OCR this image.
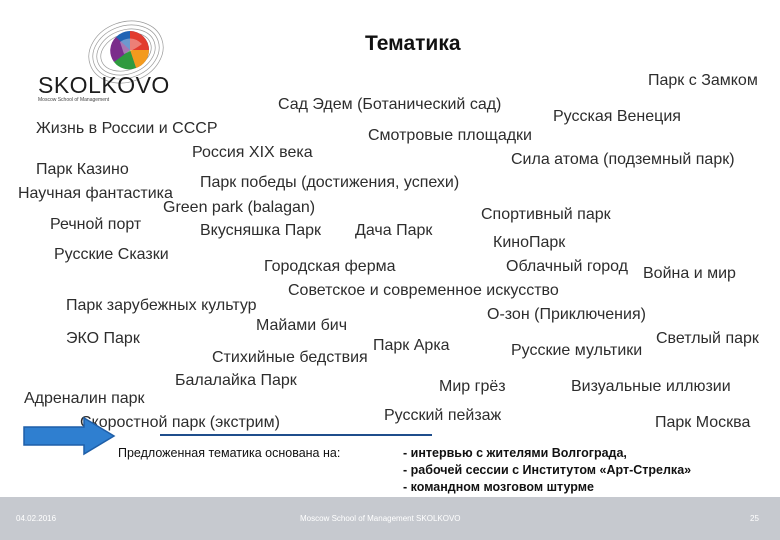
SKOLKOVO
Moscow School of Management
Тематика
Парк с Замком
Сад Эдем (Ботанический сад)
Русская Венеция
Жизнь в России и СССР	Смотровые площадки
Россия XIX века	Сила атома (подземный парк)
Парк Казино
Парк победы (достижения, успехи)
Научная фантастика
Green park (balagan)	Спортивный парк
Речной порт	Вкусняшка Парк Дача Парк
КиноПарк
Русские Сказки
Городская ферма	Облачный город Война и мир
Советское и современное искусство
Парк зарубежных культур
О-зон (Приключения)
Майами бич
ЭКО Парк	Светлый парк
Парк Арка
Стихийные бедствия	Русские мультики
Балалайка Парк	Мир грёз	Визуальные иллюзии
Адреналин парк
Русский пейзаж
Скоростной парк (экстрим)	Парк Москва
Предложенная тематика основана на:	- интервью с жителями Волгограда,
- рабочей сессии с Институтом «Арт-Стрелка»
- командном мозговом штурме
04.02.2016	Moscow School of Management SKOLKOVO	25
